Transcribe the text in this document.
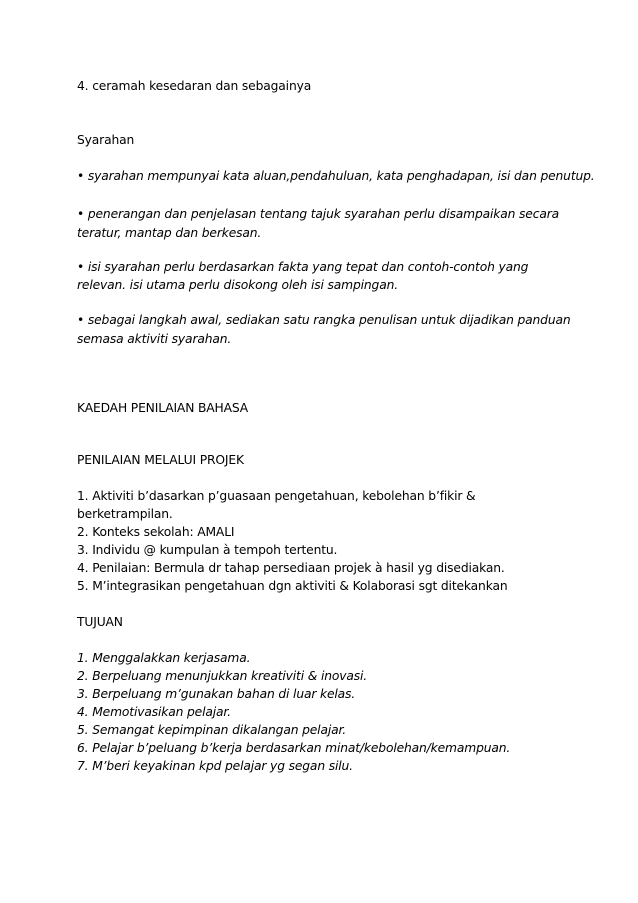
4. ceramah kesedaran dan sebagainya
Syarahan
• syarahan mempunyai kata aluan,pendahuluan, kata penghadapan, isi dan penutup.
• penerangan dan penjelasan tentang tajuk syarahan perlu disampaikan secara
teratur, mantap dan berkesan.
• isi syarahan perlu berdasarkan fakta yang tepat dan contoh-contoh yang
relevan. isi utama perlu disokong oleh isi sampingan.
• sebagai langkah awal, sediakan satu rangka penulisan untuk dijadikan panduan
semasa aktiviti syarahan.
KAEDAH PENILAIAN BAHASA
PENILAIAN MELALUI PROJEK
1. Aktiviti b’dasarkan p’guasaan pengetahuan, kebolehan b’fikir &
berketrampilan.
2. Konteks sekolah: AMALI
3. Individu @ kumpulan à tempoh tertentu.
4. Penilaian: Bermula dr tahap persediaan projek à hasil yg disediakan.
5. M’integrasikan pengetahuan dgn aktiviti & Kolaborasi sgt ditekankan
TUJUAN
1. Menggalakkan kerjasama.
2. Berpeluang menunjukkan kreativiti & inovasi.
3. Berpeluang m’gunakan bahan di luar kelas.
4. Memotivasikan pelajar.
5. Semangat kepimpinan dikalangan pelajar.
6. Pelajar b’peluang b’kerja berdasarkan minat/kebolehan/kemampuan.
7. M’beri keyakinan kpd pelajar yg segan silu.
